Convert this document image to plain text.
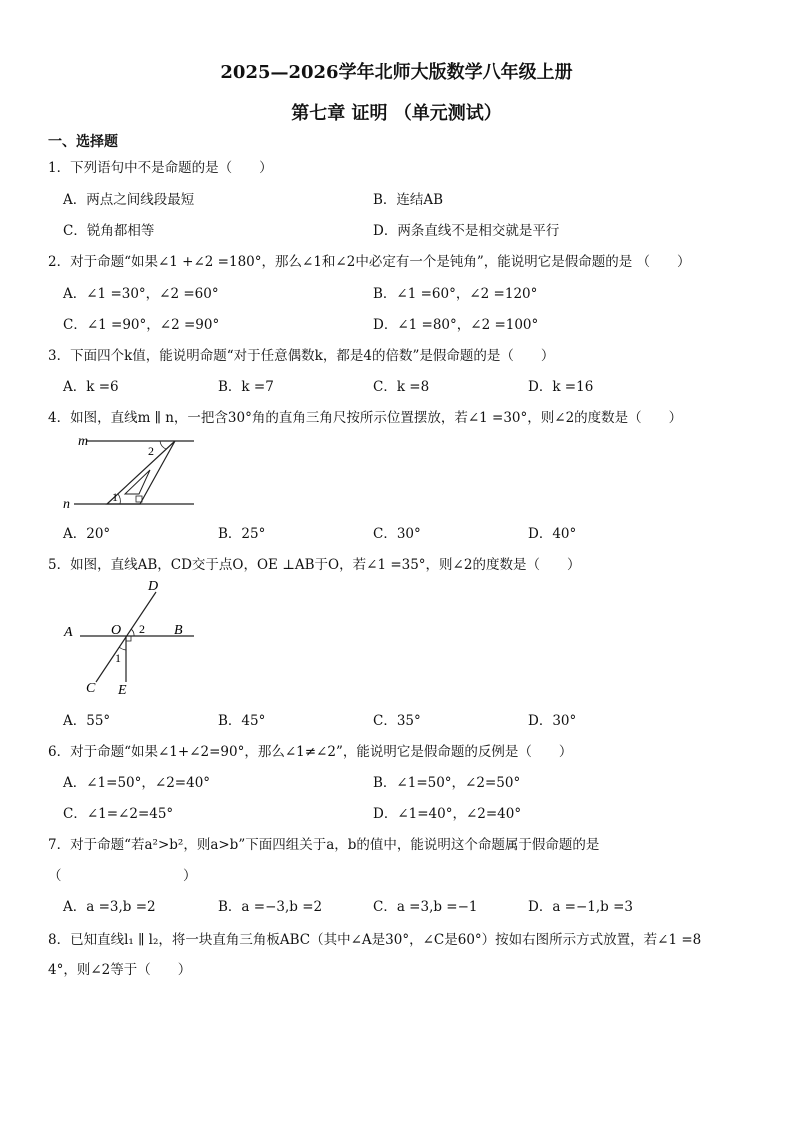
2025—2026学年北师大版数学八年级上册
第七章 证明 （单元测试）
一、选择题
1．下列语句中不是命题的是（　　）
A．两点之间线段最短	B．连结AB
C．锐角都相等	D．两条直线不是相交就是平行
2．对于命题“如果∠1 +∠2 =180°，那么∠1和∠2中必定有一个是钝角”，能说明它是假命题的是 （　　）
A．∠1 =30°，∠2 =60°	B．∠1 =60°，∠2 =120°
C．∠1 =90°，∠2 =90°	D．∠1 =80°，∠2 =100°
3．下面四个k值，能说明命题“对于任意偶数k，都是4的倍数”是假命题的是（　　）
A．k =6	B．k =7	C．k =8	D．k =16
4．如图，直线m ∥ n，一把含30°角的直角三角尺按所示位置摆放，若∠1 =30°，则∠2的度数是（　　）
m
n	1
2
A．20°	B．25°	C．30°	D．40°
5．如图，直线AB，CD交于点O，OE ⊥AB于O，若∠1 =35°，则∠2的度数是（　　）
A	B
C
D
E
O
1
2
A．55°	B．45°	C．35°	D．30°
6．对于命题“如果∠1+∠2=90°，那么∠1≠∠2”，能说明它是假命题的反例是（　　）
A．∠1=50°，∠2=40°	B．∠1=50°，∠2=50°
C．∠1=∠2=45°	D．∠1=40°，∠2=40°
7．对于命题“若a²>b²，则a>b”下面四组关于a，b的值中，能说明这个命题属于假命题的是
（　　　　　　　　　）
A．a =3,b =2	B．a =−3,b =2	C．a =3,b =−1	D．a =−1,b =3
8．已知直线l₁ ∥ l₂，将一块直角三角板ABC（其中∠A是30°，∠C是60°）按如右图所示方式放置，若∠1 =8
4°，则∠2等于（　　）
